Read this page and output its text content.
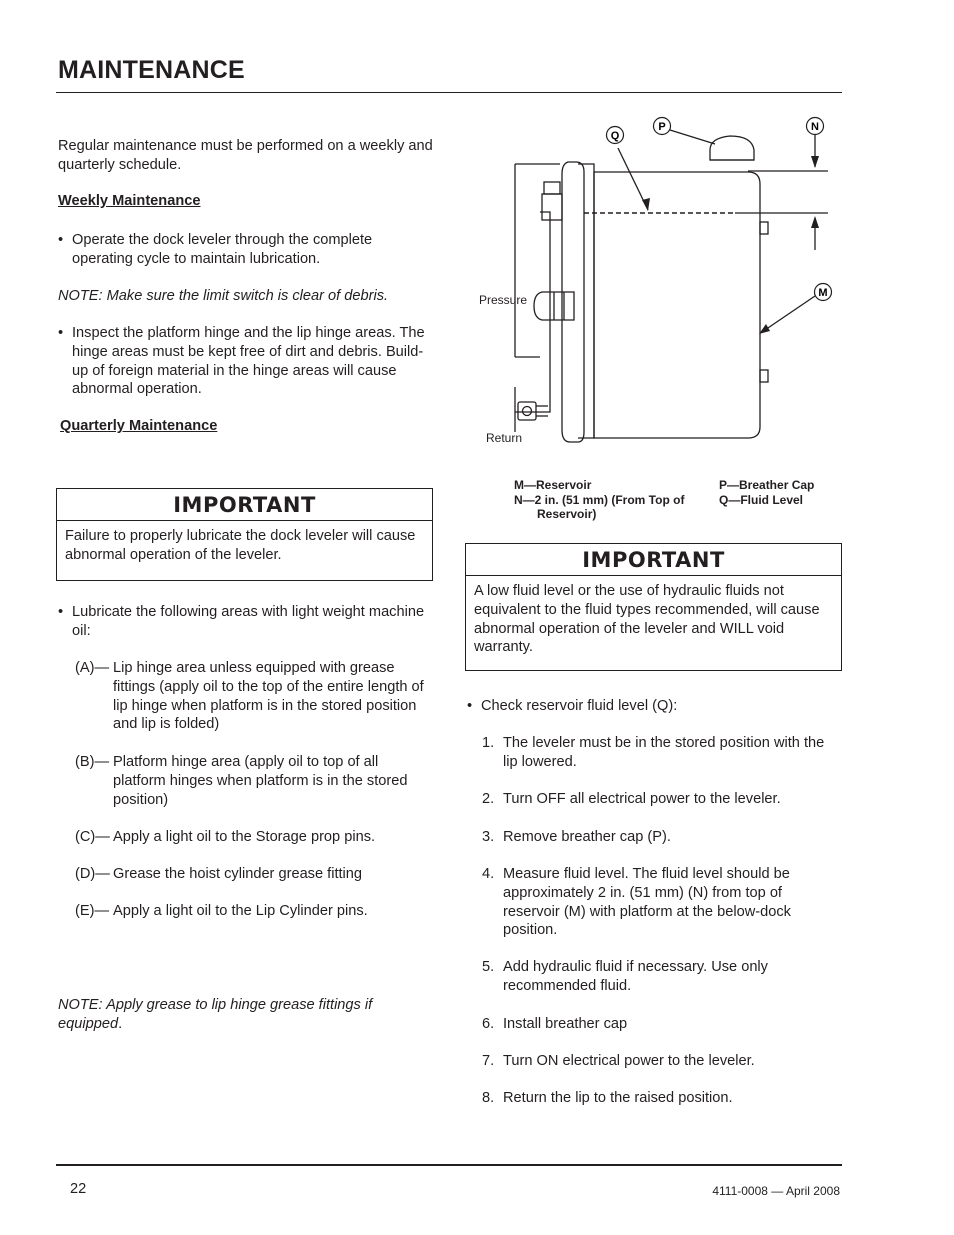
MAINTENANCE
Regular maintenance must be performed on a weekly and quarterly schedule.
Weekly Maintenance
• Operate the dock leveler through the complete operating cycle to maintain lubrication.
NOTE: Make sure the limit switch is clear of debris.
• Inspect the platform hinge and the lip hinge areas. The hinge areas must be kept free of dirt and debris. Build-up of foreign material in the hinge areas will cause abnormal operation.
Quarterly Maintenance
IMPORTANT
Failure to properly lubricate the dock leveler will cause abnormal operation of the leveler.
• Lubricate the following areas with light weight machine oil:
(A)— Lip hinge area unless equipped with grease fittings (apply oil to the top of the entire length of lip hinge when platform is in the stored position and lip is folded)
(B)— Platform hinge area (apply oil to top of all platform hinges when platform is in the stored position)
(C)— Apply a light oil to the Storage prop pins.
(D)— Grease the hoist cylinder grease fitting
(E)— Apply a light oil to the Lip Cylinder pins.
NOTE: Apply grease to lip hinge grease fittings if equipped.
Q
P	N
M
Pressure
Return
M—Reservoir
N—2 in. (51 mm) (From Top of
Reservoir)
P—Breather Cap
Q—Fluid Level
IMPORTANT
A low fluid level or the use of hydraulic fluids not equivalent to the fluid types recommended, will cause abnormal operation of the leveler and WILL void warranty.
• Check reservoir fluid level (Q):
1. The leveler must be in the stored position with the lip lowered.
2. Turn OFF all electrical power to the leveler.
3. Remove breather cap (P).
4. Measure fluid level. The fluid level should be approximately 2 in. (51 mm) (N) from top of reservoir (M) with platform at the below-dock position.
5. Add hydraulic fluid if necessary. Use only recommended fluid.
6. Install breather cap
7. Turn ON electrical power to the leveler.
8. Return the lip to the raised position.
22	4111-0008 — April 2008
